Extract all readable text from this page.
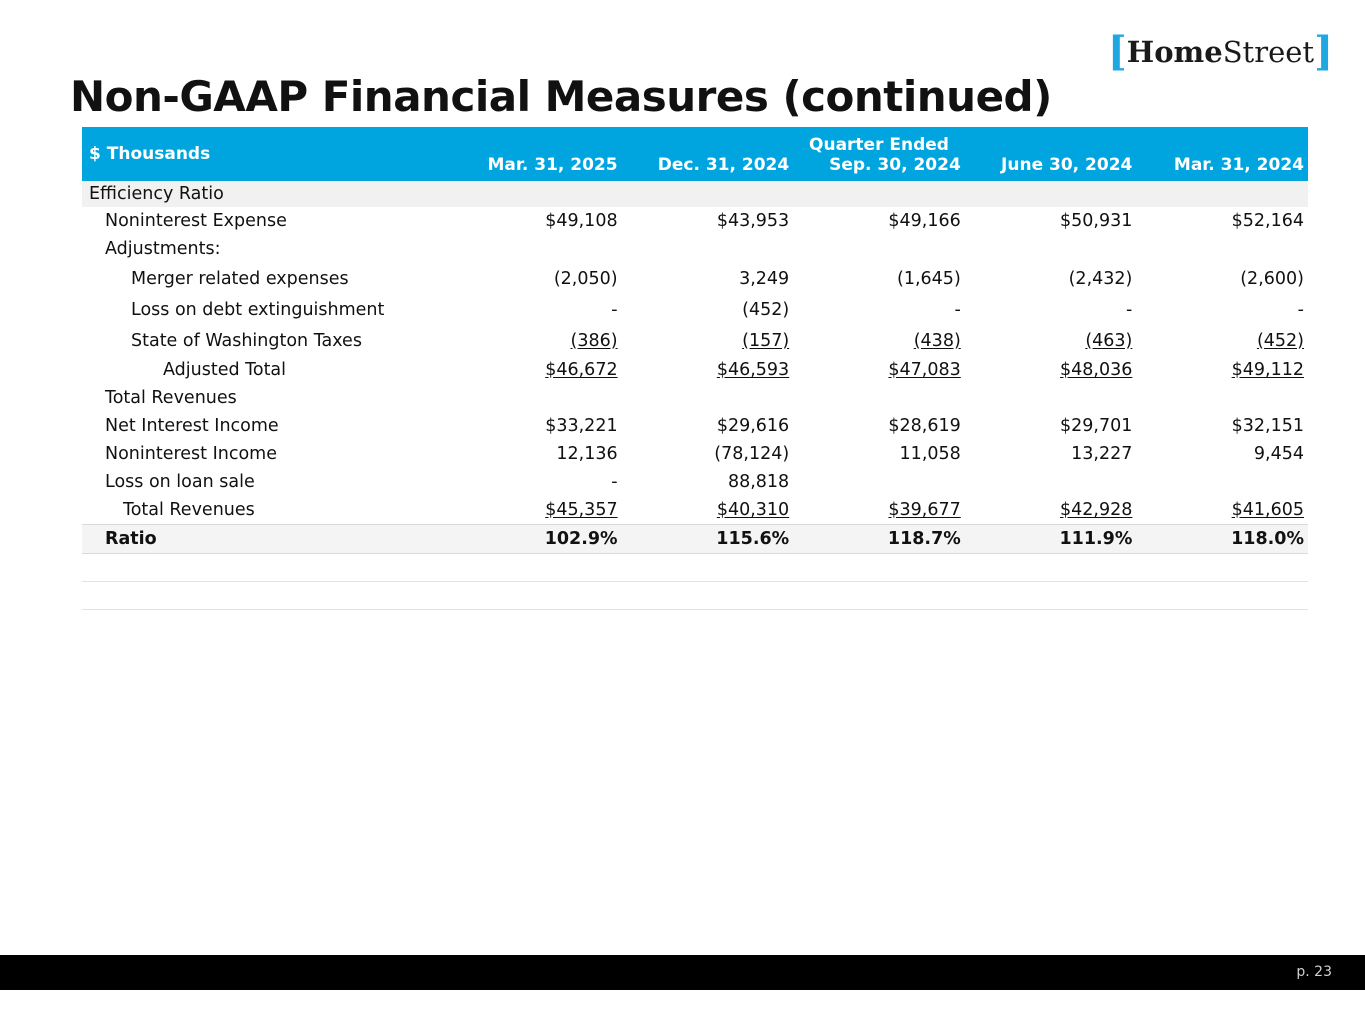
[HomeStreet]
Non-GAAP Financial Measures (continued)
$ Thousands	Quarter Ended				
	Mar. 31, 2025	Dec. 31, 2024	Sep. 30, 2024	June 30, 2024	Mar. 31, 2024
Efficiency Ratio					
Noninterest Expense	$49,108	$43,953	$49,166	$50,931	$52,164
Adjustments:					
Merger related expenses	(2,050)	3,249	(1,645)	(2,432)	(2,600)
Loss on debt extinguishment	-	(452)	-	-	-
State of Washington Taxes	(386)	(157)	(438)	(463)	(452)
Adjusted Total	$46,672	$46,593	$47,083	$48,036	$49,112
Total Revenues					
Net Interest Income	$33,221	$29,616	$28,619	$29,701	$32,151
Noninterest Income	12,136	(78,124)	11,058	13,227	9,454
Loss on loan sale	-	88,818			
Total Revenues	$45,357	$40,310	$39,677	$42,928	$41,605
Ratio	102.9%	115.6%	118.7%	111.9%	118.0%

p. 23
